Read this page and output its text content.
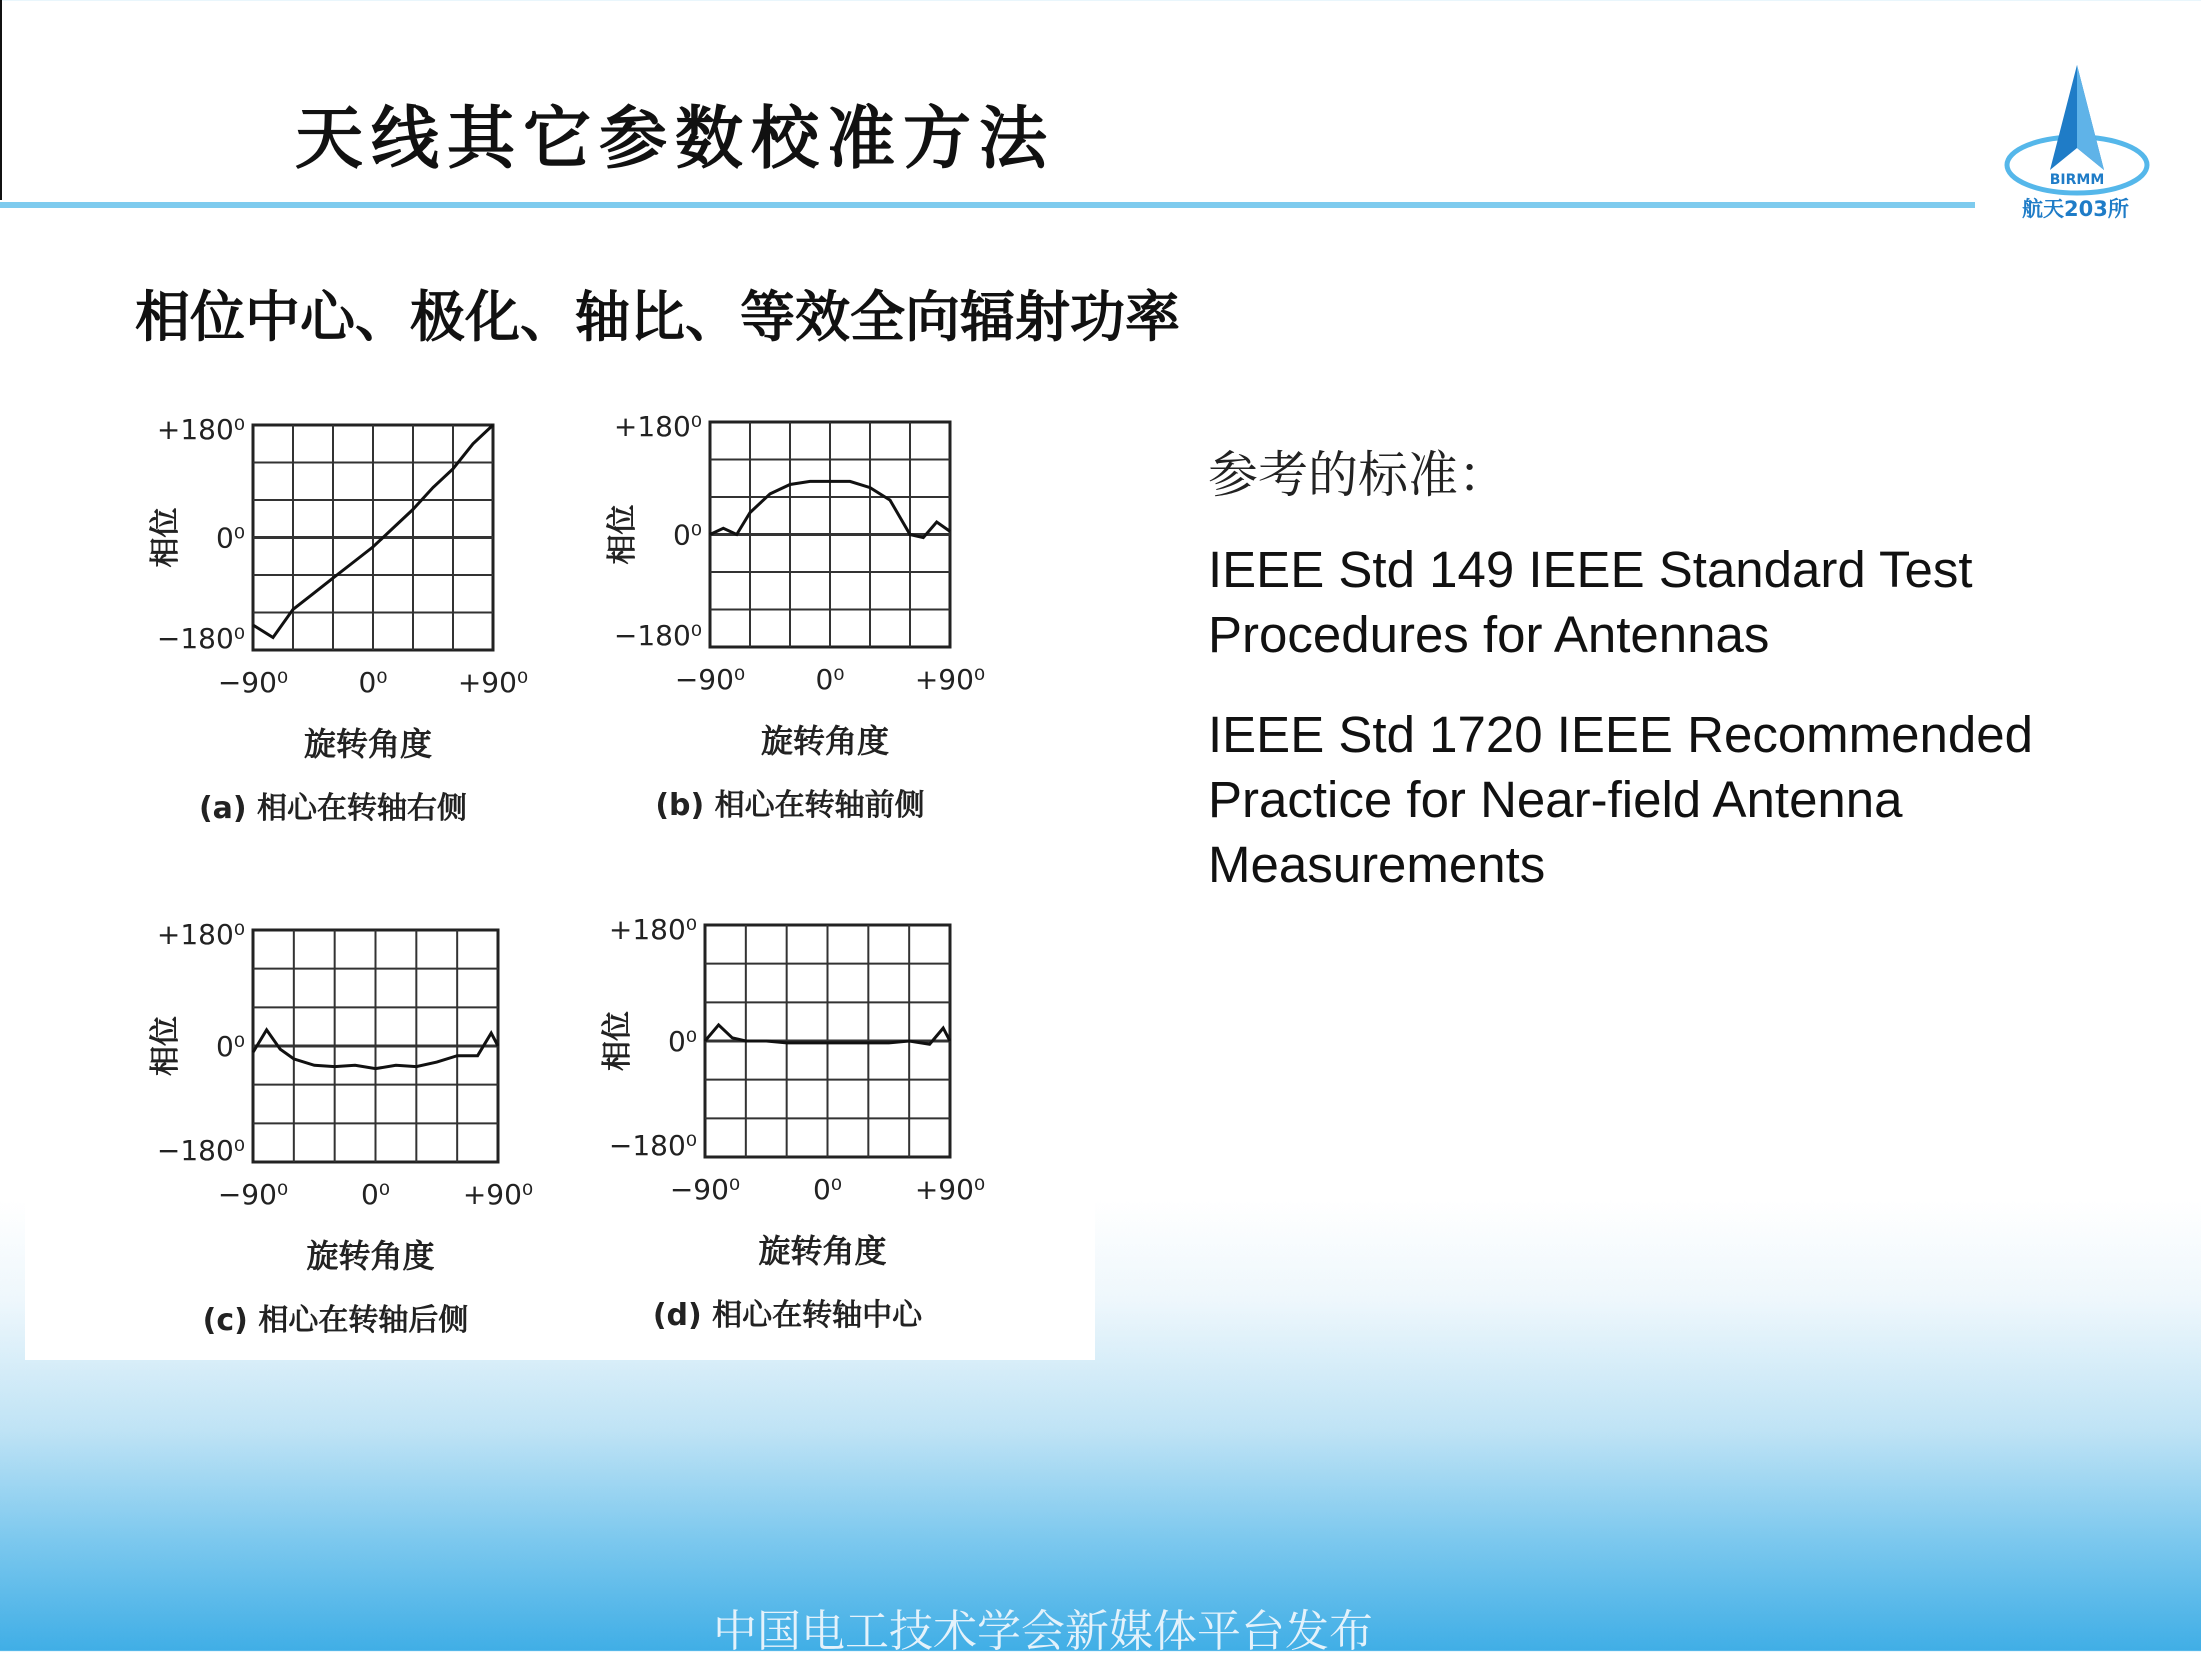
天线其它参数校准方法
BIRMM
航天203所
相位中心、极化、轴比、等效全向辐射功率
+180⁰
0⁰
−180⁰
相位
−90⁰	0⁰	+90⁰
旋转角度
(a) 相心在转轴右侧
+180⁰
0⁰
−180⁰
相位
−90⁰	0⁰	+90⁰
旋转角度
(b) 相心在转轴前侧
+180⁰
0⁰
−180⁰
相位
−90⁰	0⁰	+90⁰
旋转角度
(c) 相心在转轴后侧
+180⁰
0⁰
−180⁰
相位
−90⁰	0⁰	+90⁰
旋转角度
(d) 相心在转轴中心
参考的标准：
IEEE Std 149 IEEE Standard Test Procedures for Antennas
IEEE Std 1720 IEEE Recommended Practice for Near-field Antenna Measurements
中国电工技术学会新媒体平台发布
